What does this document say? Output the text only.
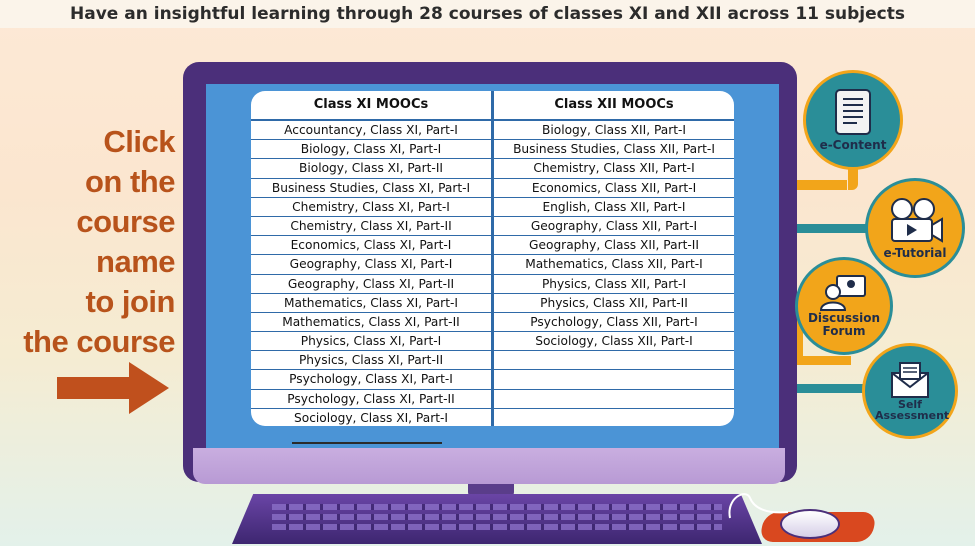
Have an insightful learning through 28 courses of classes XI and XII across 11 subjects
Click
on the
course
name
to join
the course
Class XI MOOCs
Accountancy, Class XI, Part-I
Biology, Class XI, Part-I
Biology, Class XI, Part-II
Business Studies, Class XI, Part-I
Chemistry, Class XI, Part-I
Chemistry, Class XI, Part-II
Economics, Class XI, Part-I
Geography, Class XI, Part-I
Geography, Class XI, Part-II
Mathematics, Class XI, Part-I
Mathematics, Class XI, Part-II
Physics, Class XI, Part-I
Physics, Class XI, Part-II
Psychology, Class XI, Part-I
Psychology, Class XI, Part-II
Sociology, Class XI, Part-I
Class XII MOOCs
Biology, Class XII, Part-I
Business Studies, Class XII, Part-I
Chemistry, Class XII, Part-I
Economics, Class XII, Part-I
English, Class XII, Part-I
Geography, Class XII, Part-I
Geography, Class XII, Part-II
Mathematics, Class XII, Part-I
Physics, Class XII, Part-I
Physics, Class XII, Part-II
Psychology, Class XII, Part-I
Sociology, Class XII, Part-I
e-Content
e-Tutorial
Discussion Forum
Self Assessment
